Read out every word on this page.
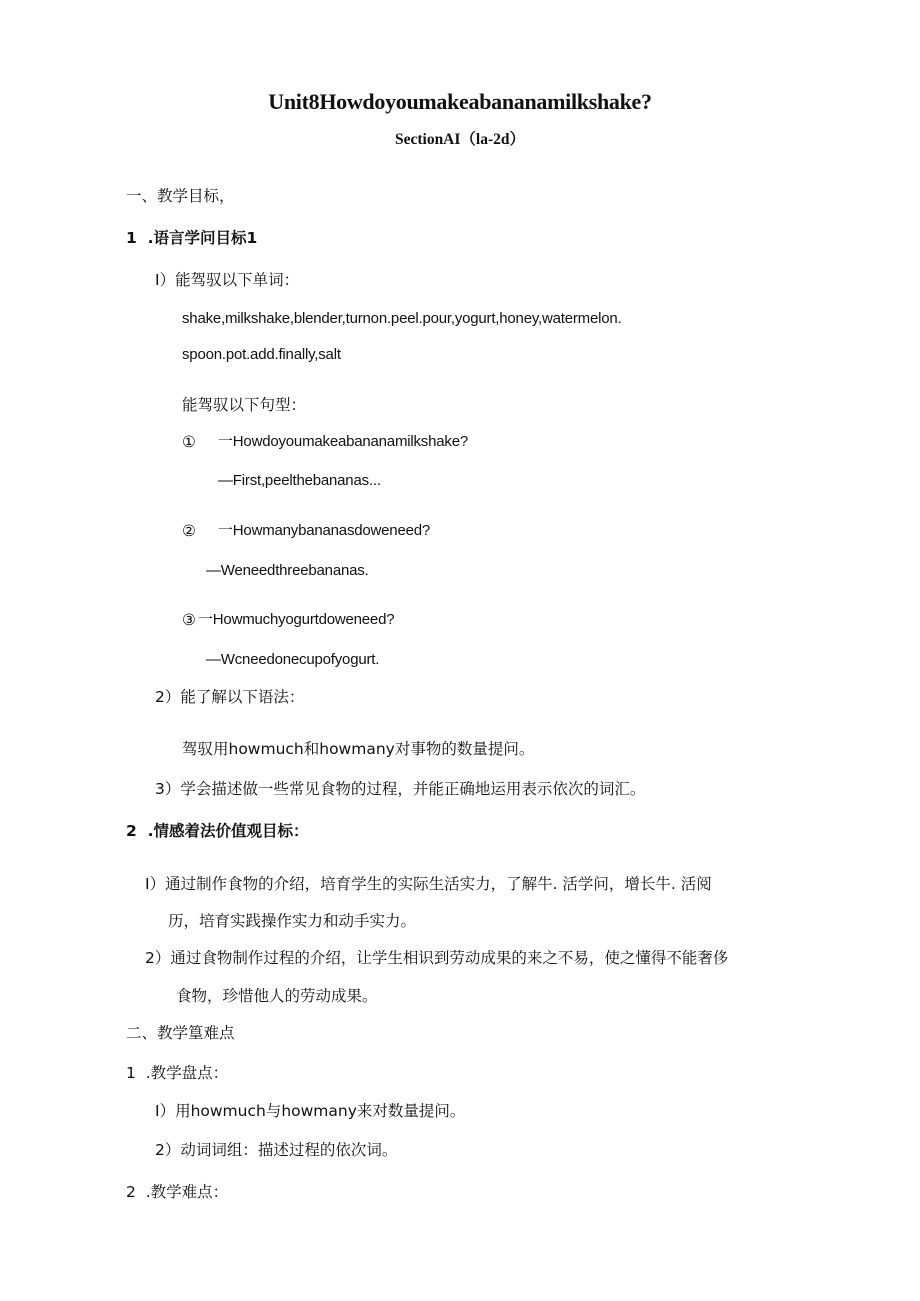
Unit8Howdoyoumakeabananamilkshake?
SectionAI（la-2d）
一、教学目标，
1  .语言学问目标1
I）能驾驭以下单词：
shake,milkshake,blender,turnon.peel.pour,yogurt,honey,watermelon.
spoon.pot.add.finally,salt
能驾驭以下句型：
① 一Howdoyoumakeabananamilkshake?
—First,peelthebananas...
② 一Howmanybananasdoweneed?
—Weneedthreebananas.
③ 一Howmuchyogurtdoweneed?
—Wcneedonecupofyogurt.
2）能了解以下语法：
驾驭用howmuch和howmany对事物的数量提问。
3）学会描述做一些常见食物的过程，并能正确地运用表示依次的词汇。
2  .情感着法价值观目标：
I）通过制作食物的介绍，培育学生的实际生活实力，了解牛. 活学问，增长牛. 活阅
历，培育实践操作实力和动手实力。
2）通过食物制作过程的介绍，让学生相识到劳动成果的来之不易，使之懂得不能奢侈
食物，珍惜他人的劳动成果。
二、教学篁难点
1  .教学盘点：
I）用howmuch与howmany来对数量提问。
2）动词词组：描述过程的依次词。
2  .教学难点：
